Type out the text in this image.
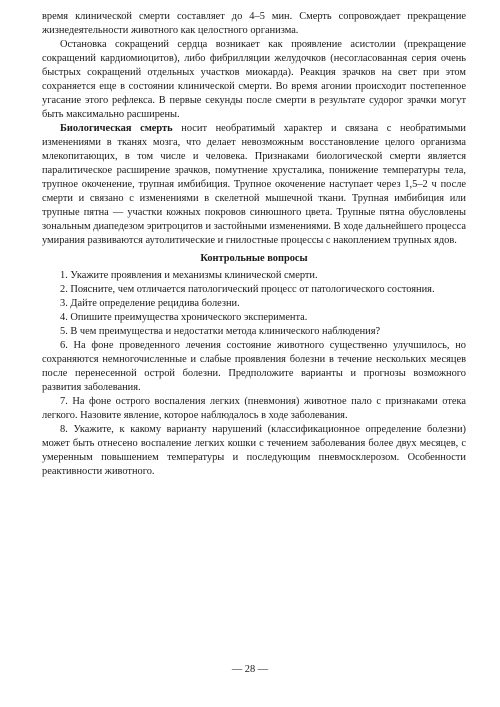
время клинической смерти составляет до 4–5 мин. Смерть сопровождает прекращение жизнедеятельности животного как целостного организма.

Остановка сокращений сердца возникает как проявление асистолии (прекращение сокращений кардиомиоцитов), либо фибрилляции желудочков (несогласованная серия очень быстрых сокращений отдельных участков миокарда). Реакция зрачков на свет при этом сохраняется еще в состоянии клинической смерти. Во время агонии происходит постепенное угасание этого рефлекса. В первые секунды после смерти в результате судорог зрачки могут быть максимально расширены.

Биологическая смерть носит необратимый характер и связана с необратимыми изменениями в тканях мозга, что делает невозможным восстановление целого организма млекопитающих, в том числе и человека. Признаками биологической смерти является паралитическое расширение зрачков, помутнение хрусталика, понижение температуры тела, трупное окоченение, трупная имбибиция. Трупное окоченение наступает через 1,5–2 ч после смерти и связано с изменениями в скелетной мышечной ткани. Трупная имбибиция или трупные пятна — участки кожных покровов синюшного цвета. Трупные пятна обусловлены зональным диапедезом эритроцитов и застойными изменениями. В ходе дальнейшего процесса умирания развиваются аутолитические и гнилостные процессы с накоплением трупных ядов.

Контрольные вопросы

1. Укажите проявления и механизмы клинической смерти.

2. Поясните, чем отличается патологический процесс от патологического состояния.

3. Дайте определение рецидива болезни.

4. Опишите преимущества хронического эксперимента.

5. В чем преимущества и недостатки метода клинического наблюдения?

6. На фоне проведенного лечения состояние животного существенно улучшилось, но сохраняются немногочисленные и слабые проявления болезни в течение нескольких месяцев после перенесенной острой болезни. Предположите варианты и прогнозы возможного развития заболевания.

7. На фоне острого воспаления легких (пневмония) животное пало с признаками отека легкого. Назовите явление, которое наблюдалось в ходе заболевания.

8. Укажите, к какому варианту нарушений (классификационное определение болезни) может быть отнесено воспаление легких кошки с течением заболевания более двух месяцев, с умеренным повышением температуры и последующим пневмосклерозом. Особенности реактивности животного.

— 28 —
